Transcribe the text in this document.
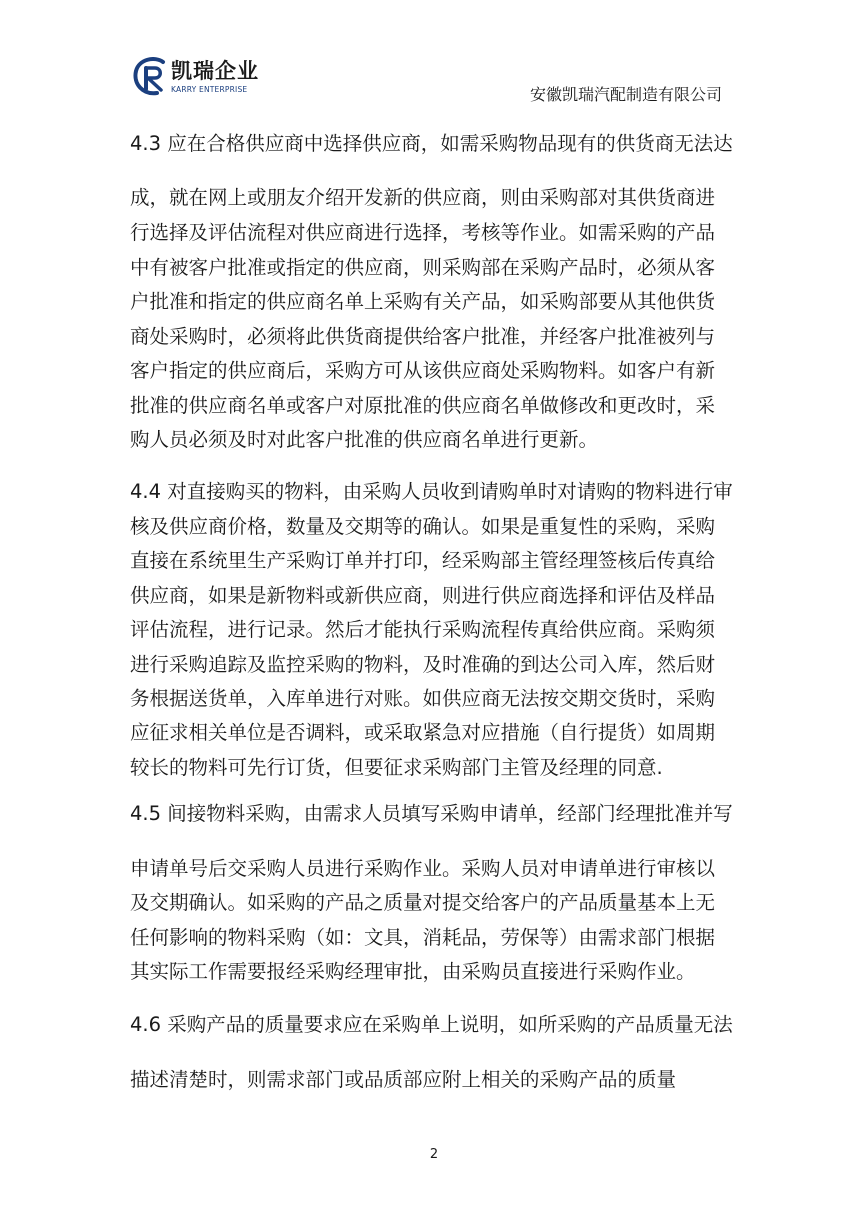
凯瑞企业
KARRY ENTERPRISE	安徽凯瑞汽配制造有限公司
4.3 应在合格供应商中选择供应商，如需采购物品现有的供货商无法达
成，就在网上或朋友介绍开发新的供应商，则由采购部对其供货商进
行选择及评估流程对供应商进行选择，考核等作业。如需采购的产品
中有被客户批准或指定的供应商，则采购部在采购产品时，必须从客
户批准和指定的供应商名单上采购有关产品，如采购部要从其他供货
商处采购时，必须将此供货商提供给客户批准，并经客户批准被列与
客户指定的供应商后，采购方可从该供应商处采购物料。如客户有新
批准的供应商名单或客户对原批准的供应商名单做修改和更改时，采
购人员必须及时对此客户批准的供应商名单进行更新。
4.4 对直接购买的物料，由采购人员收到请购单时对请购的物料进行审
核及供应商价格，数量及交期等的确认。如果是重复性的采购，采购
直接在系统里生产采购订单并打印，经采购部主管经理签核后传真给
供应商，如果是新物料或新供应商，则进行供应商选择和评估及样品
评估流程，进行记录。然后才能执行采购流程传真给供应商。采购须
进行采购追踪及监控采购的物料，及时准确的到达公司入库，然后财
务根据送货单，入库单进行对账。如供应商无法按交期交货时，采购
应征求相关单位是否调料，或采取紧急对应措施（自行提货）如周期
较长的物料可先行订货，但要征求采购部门主管及经理的同意.
4.5 间接物料采购，由需求人员填写采购申请单，经部门经理批准并写
申请单号后交采购人员进行采购作业。采购人员对申请单进行审核以
及交期确认。如采购的产品之质量对提交给客户的产品质量基本上无
任何影响的物料采购（如：文具，消耗品，劳保等）由需求部门根据
其实际工作需要报经采购经理审批，由采购员直接进行采购作业。
4.6 采购产品的质量要求应在采购单上说明，如所采购的产品质量无法
描述清楚时，则需求部门或品质部应附上相关的采购产品的质量
2
